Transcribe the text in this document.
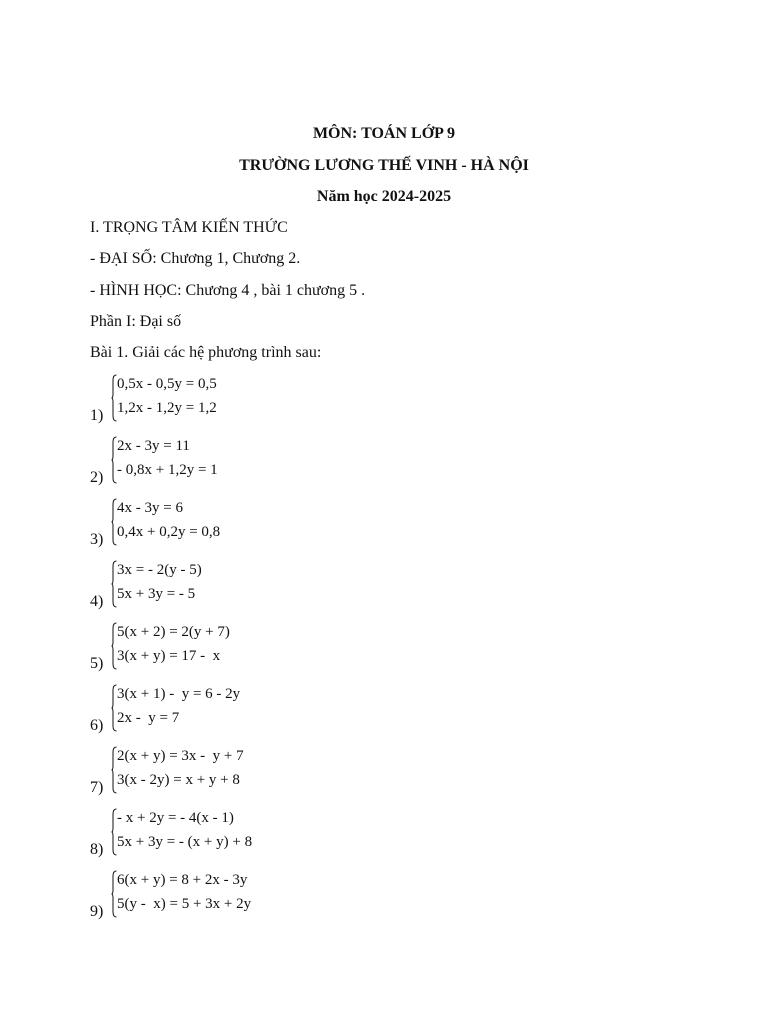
MÔN: TOÁN LỚP 9
TRƯỜNG LƯƠNG THẾ VINH - HÀ NỘI
Năm học 2024-2025
I. TRỌNG TÂM KIẾN THỨC
- ĐẠI SỐ: Chương 1, Chương 2.
- HÌNH HỌC: Chương 4 , bài 1 chương 5 .
Phần I: Đại số
Bài 1. Giải các hệ phương trình sau:
1)
0,5x - 0,5y = 0,5
1,2x - 1,2y = 1,2
2)
2x - 3y = 11
- 0,8x + 1,2y = 1
3)
4x - 3y = 6
0,4x + 0,2y = 0,8
4)
3x = - 2(y - 5)
5x + 3y = - 5
5)
5(x + 2) = 2(y + 7)
3(x + y) = 17 -  x
6)
3(x + 1) -  y = 6 - 2y
2x -  y = 7
7)
2(x + y) = 3x -  y + 7
3(x - 2y) = x + y + 8
8)
- x + 2y = - 4(x - 1)
5x + 3y = - (x + y) + 8
9)
6(x + y) = 8 + 2x - 3y
5(y -  x) = 5 + 3x + 2y
